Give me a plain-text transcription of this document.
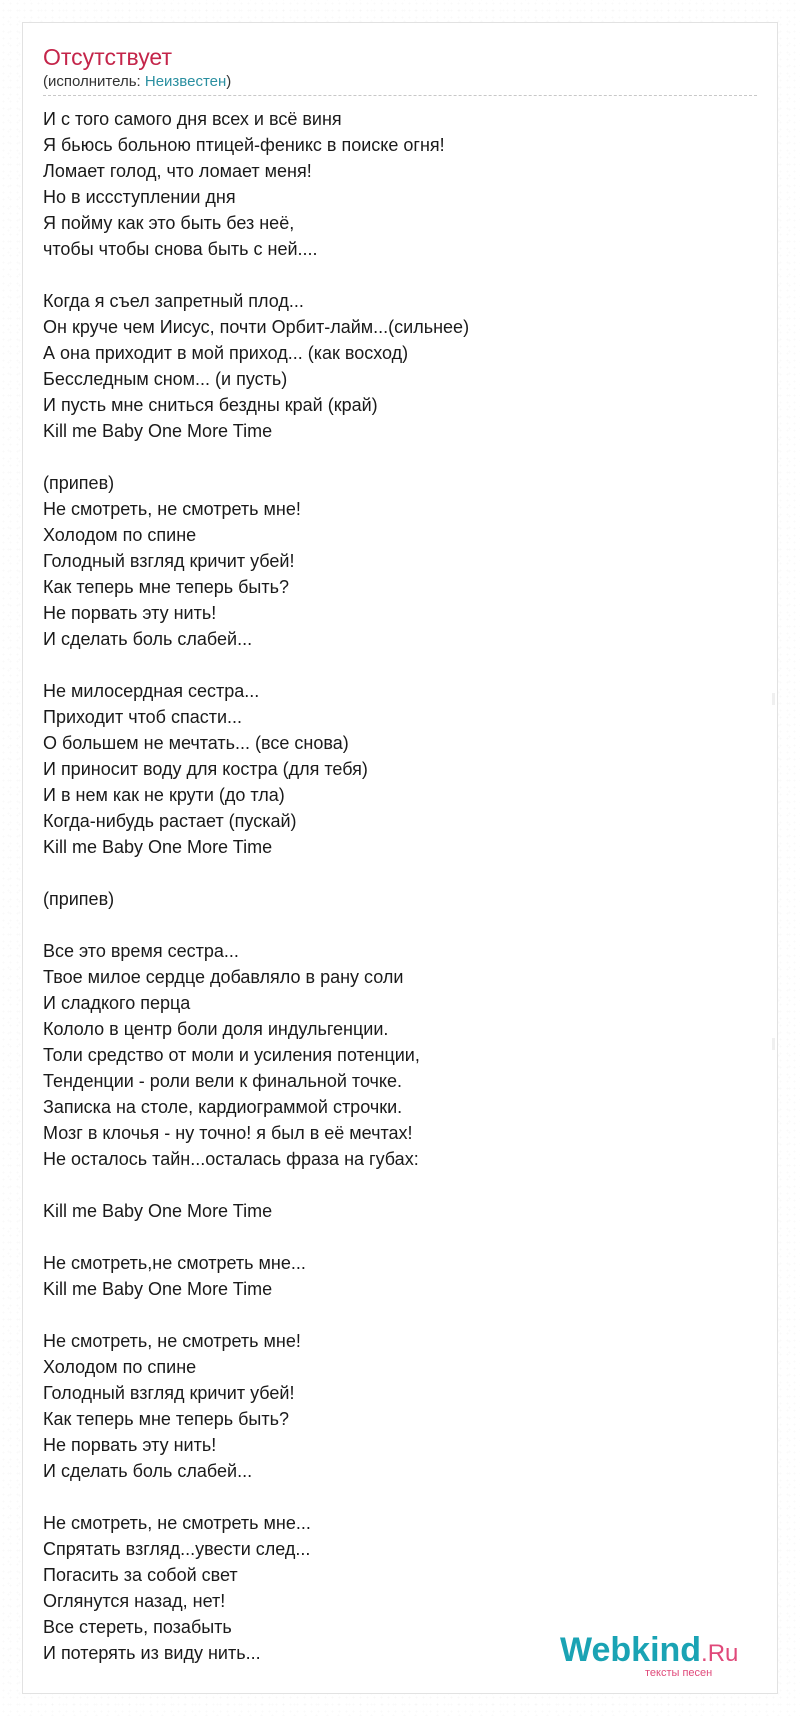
Отсутствует
(исполнитель: Неизвестен)
И с того самого дня всех и всё виня
Я бьюсь больною птицей-феникс в поиске огня!
Ломает голод, что ломает меня!
Но в иссступлении дня
Я пойму как это быть без неё,
чтобы чтобы снова быть с ней....
Когда я съел запретный плод...
Он круче чем Иисус, почти Орбит-лайм...(сильнее)
А она приходит в мой приход... (как восход)
Бесследным сном... (и пусть)
И пусть мне сниться бездны край (край)
Kill me Baby One More Time
(припев)
Не смотреть, не смотреть мне!
Холодом по спине
Голодный взгляд кричит убей!
Как теперь мне теперь быть?
Не порвать эту нить!
И сделать боль слабей...
Не милосердная сестра...
Приходит чтоб спасти...
О большем не мечтать... (все снова)
И приносит воду для костра (для тебя)
И в нем как не крути (до тла)
Когда-нибудь растает (пускай)
Kill me Baby One More Time
(припев)
Все это время сестра...
Твое милое сердце добавляло в рану соли
И сладкого перца
Кололо в центр боли доля индульгенции.
Толи средство от моли и усиления потенции,
Тенденции - роли вели к финальной точке.
Записка на столе, кардиограммой строчки.
Мозг в клочья - ну точно! я был в её мечтах!
Не осталось тайн...осталась фраза на губах:
Kill me Baby One More Time
Не смотреть,не смотреть мне...
Kill me Baby One More Time
Не смотреть, не смотреть мне!
Холодом по спине
Голодный взгляд кричит убей!
Как теперь мне теперь быть?
Не порвать эту нить!
И сделать боль слабей...
Не смотреть, не смотреть мне...
Спрятать взгляд...увести след...
Погасить за собой свет
Оглянутся назад, нет!
Все стереть, позабыть
И потерять из виду нить...	Webkind.Ru
тексты песен
